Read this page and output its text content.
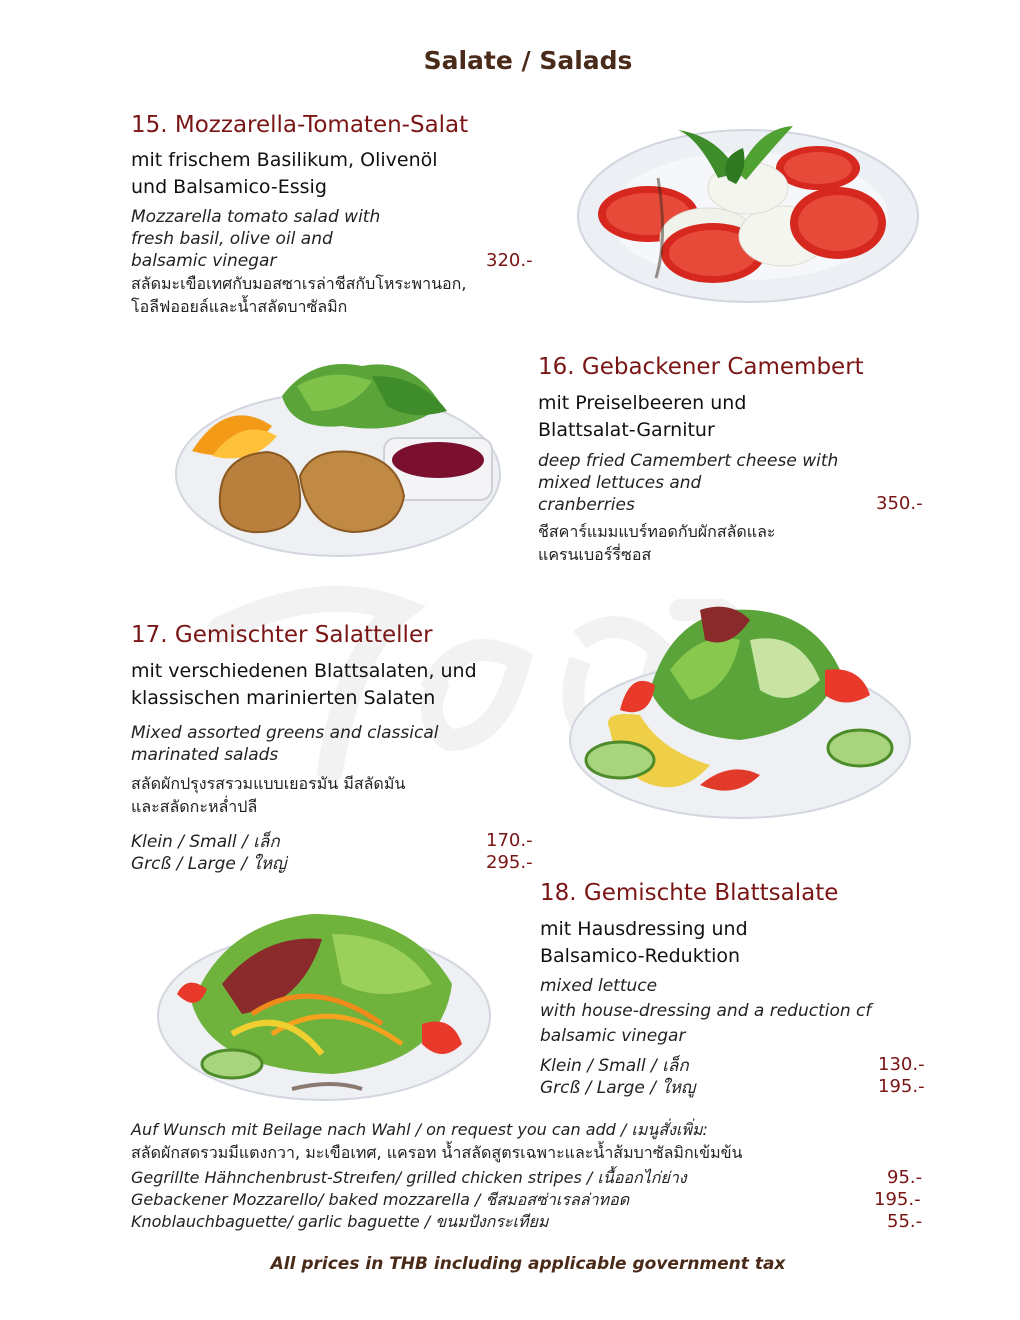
Salate / Salads
15. Mozzarella-Tomaten-Salat
mit frischem Basilikum, Olivenöl
und Balsamico-Essig
Mozzarella tomato salad with
fresh basil, olive oil and
balsamic vinegar	320.-
สลัดมะเขือเทศกับมอสซาเรล่าชีสกับโหระพานอก,
โอลีฟออยล์และน้ำสลัดบาซัลมิก
16. Gebackener Camembert
mit Preiselbeeren und
Blattsalat-Garnitur
deep fried Camembert cheese with
mixed lettuces and
cranberries	350.-
ชีสคาร์แมมแบร์ทอดกับผักสลัดและ
แครนเบอร์รี่ซอส
17. Gemischter Salatteller
mit verschiedenen Blattsalaten, und
klassischen marinierten Salaten
Mixed assorted greens and classical
marinated salads
สลัดผักปรุงรสรวมแบบเยอรมัน มีสลัดมัน
และสลัดกะหล่ำปลี
Klein / Small / เล็ก	170.-
Grcß / Large / ใหญ่	295.-
18. Gemischte Blattsalate
mit Hausdressing und
Balsamico-Reduktion
mixed lettuce
with house-dressing and a reduction cf
balsamic vinegar
Klein / Small / เล็ก	130.-
Grcß / Large / ใหญู	195.-
Auf Wunsch mit Beilage nach Wahl / on request you can add / เมนูสั่งเพิ่ม:
สลัดผักสดรวมมีแตงกวา, มะเขือเทศ, แครอท น้ำสลัดสูตรเฉพาะและน้ำส้มบาซัลมิกเข้มข้น
Gegrillte Hähnchenbrust-Streıfen/ grilled chicken stripes / เนื้ออกไก่ย่าง	95.-
Gebackener Mozzarello/ baked mozzarella / ชีสมอสซ่าเรลล่าทอด	195.-
Knoblauchbaguette/ garlic baguette / ขนมปังกระเทียม	55.-
All prices in THB including applicable government tax
